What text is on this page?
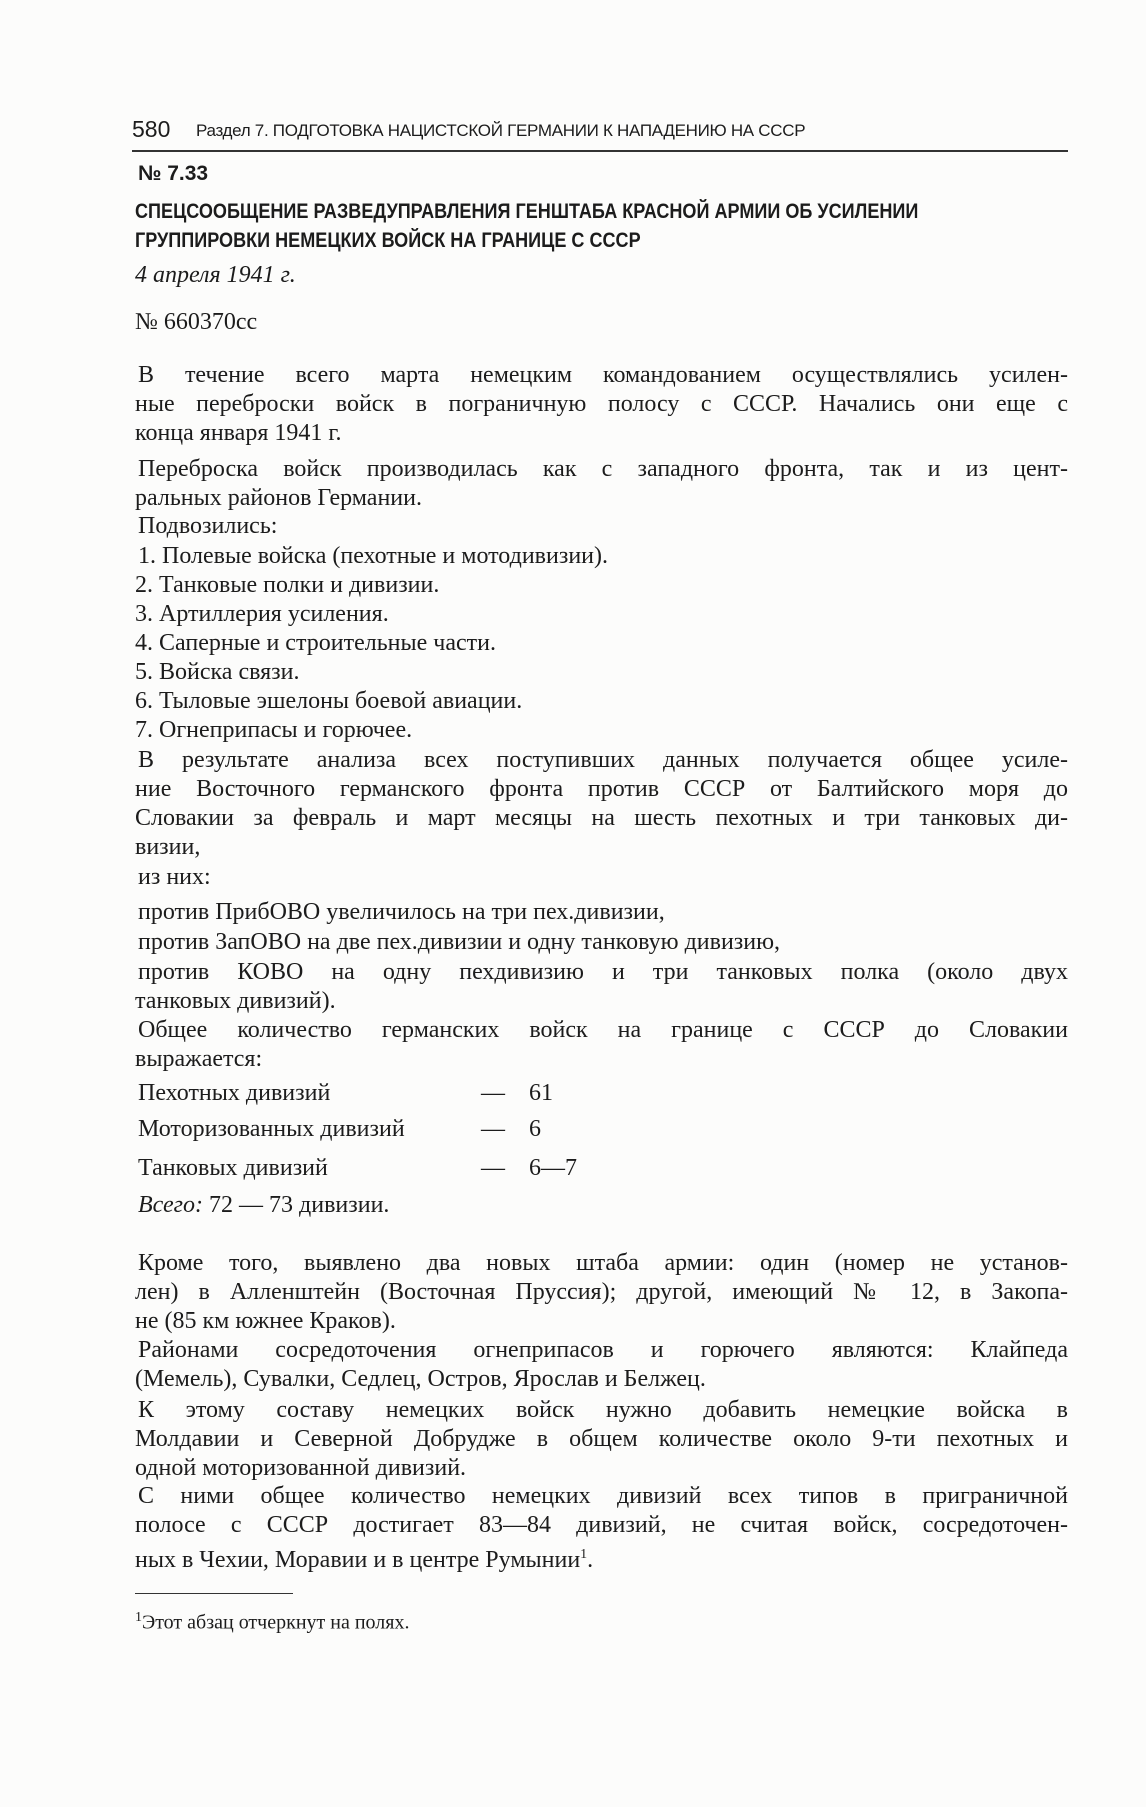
580 Раздел 7. ПОДГОТОВКА НАЦИСТСКОЙ ГЕРМАНИИ К НАПАДЕНИЮ НА СССР
№ 7.33
СПЕЦСООБЩЕНИЕ РАЗВЕДУПРАВЛЕНИЯ ГЕНШТАБА КРАСНОЙ АРМИИ ОБ УСИЛЕНИИ
ГРУППИРОВКИ НЕМЕЦКИХ ВОЙСК НА ГРАНИЦЕ С СССР
4 апреля 1941 г.
№ 660370сс
В течение всего марта немецким командованием осуществлялись усилен-
ные переброски войск в пограничную полосу с СССР. Начались они еще с
конца января 1941 г.
Переброска войск производилась как с западного фронта, так и из цент-
ральных районов Германии.
Подвозились:
1. Полевые войска (пехотные и мотодивизии).
2. Танковые полки и дивизии.
3. Артиллерия усиления.
4. Саперные и строительные части.
5. Войска связи.
6. Тыловые эшелоны боевой авиации.
7. Огнеприпасы и горючее.
В результате анализа всех поступивших данных получается общее усиле-
ние Восточного германского фронта против СССР от Балтийского моря до
Словакии за февраль и март месяцы на шесть пехотных и три танковых ди-
визии,
из них:
против ПрибОВО увеличилось на три пех.дивизии,
против ЗапОВО на две пех.дивизии и одну танковую дивизию,
против КОВО на одну пехдивизию и три танковых полка (около двух
танковых дивизий).
Общее количество германских войск на границе с СССР до Словакии
выражается:
Пехотных дивизий	— 61
Моторизованных дивизий	— 6
Танковых дивизий	— 6—7
Всего: 72 — 73 дивизии.
Кроме того, выявлено два новых штаба армии: один (номер не установ-
лен) в Алленштейн (Восточная Пруссия); другой, имеющий № 12, в Закопа-
не (85 км южнее Краков).
Районами сосредоточения огнеприпасов и горючего являются: Клайпеда
(Мемель), Сувалки, Седлец, Остров, Ярослав и Белжец.
К этому составу немецких войск нужно добавить немецкие войска в
Молдавии и Северной Добрудже в общем количестве около 9-ти пехотных и
одной моторизованной дивизий.
С ними общее количество немецких дивизий всех типов в приграничной
полосе с СССР достигает 83—84 дивизий, не считая войск, сосредоточен-
ных в Чехии, Моравии и в центре Румынии$^1$.
$^1$Этот абзац отчеркнут на полях.
